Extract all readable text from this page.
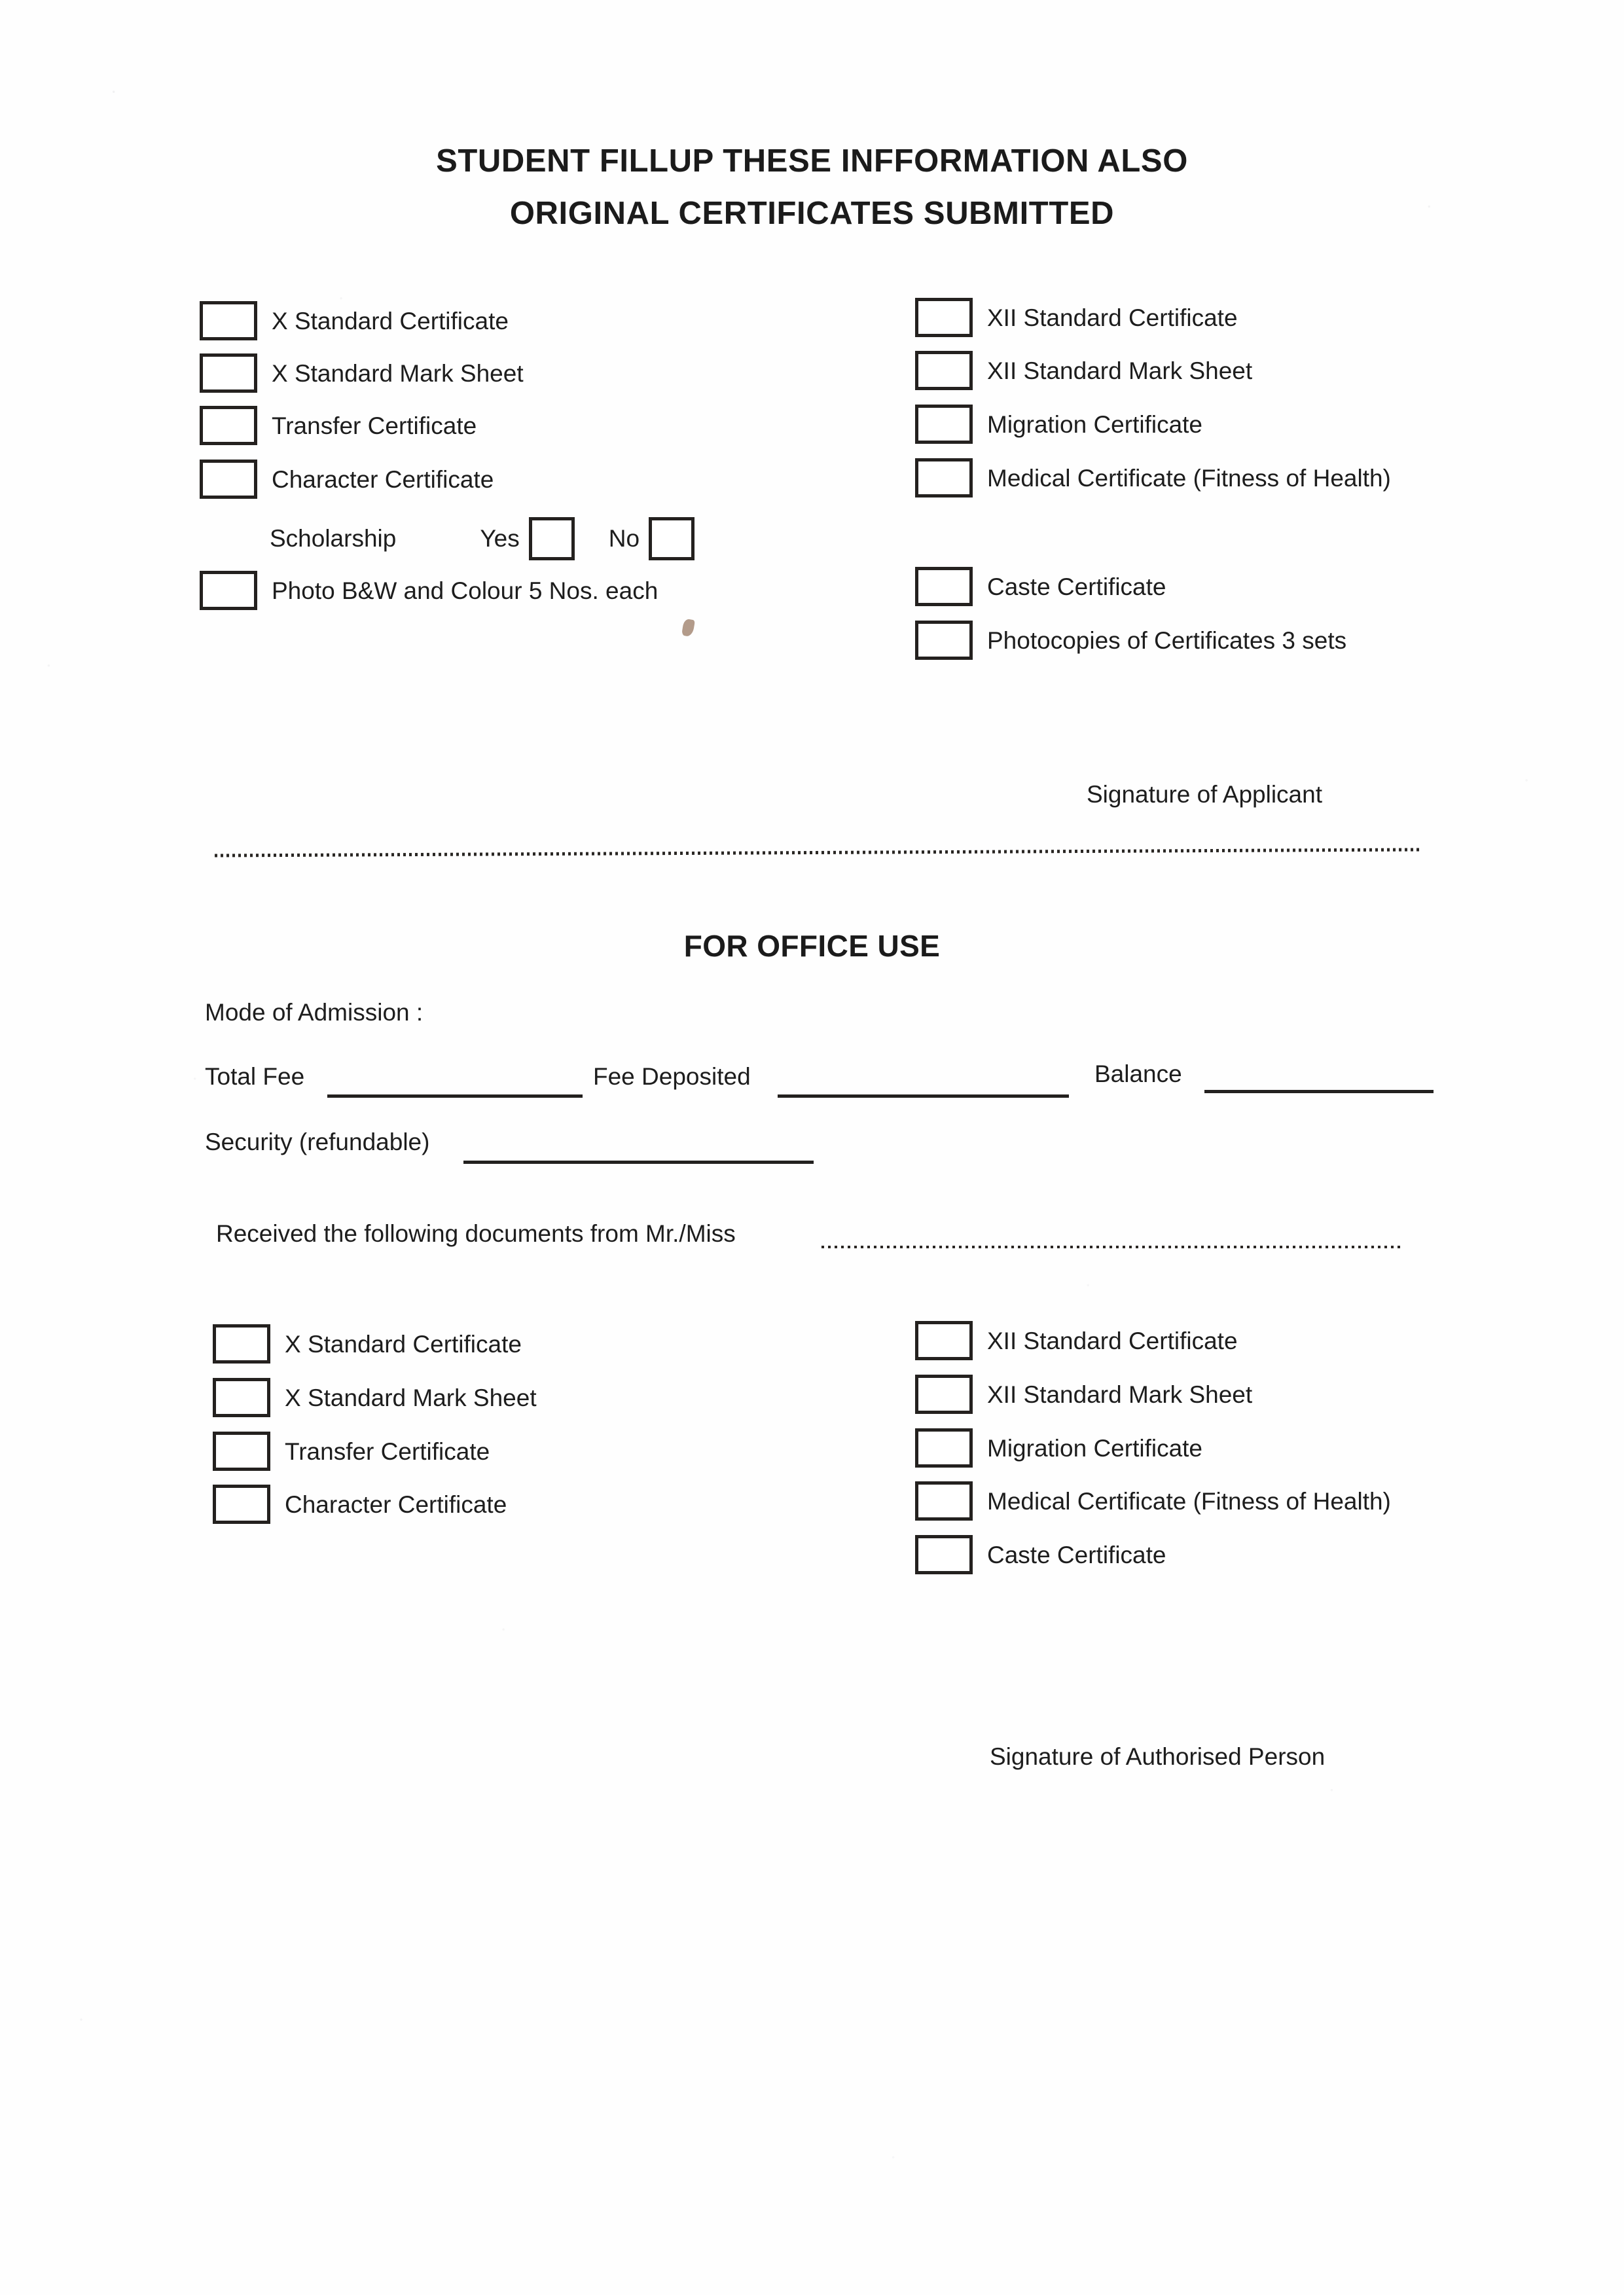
STUDENT FILLUP THESE INFFORMATION ALSO
ORIGINAL CERTIFICATES SUBMITTED
X Standard Certificate
X Standard Mark Sheet
Transfer Certificate
Character Certificate
Scholarship	Yes	No
Photo B&W and Colour 5 Nos. each
XII Standard Certificate
XII Standard Mark Sheet
Migration Certificate
Medical Certificate (Fitness of Health)
Caste Certificate
Photocopies of Certificates 3 sets
Signature of Applicant
FOR OFFICE USE
Mode of Admission :
Total Fee	Fee Deposited	Balance
Security (refundable)
Received the following documents from Mr./Miss
X Standard Certificate
X Standard Mark Sheet
Transfer Certificate
Character Certificate
XII Standard Certificate
XII Standard Mark Sheet
Migration Certificate
Medical Certificate (Fitness of Health)
Caste Certificate
Signature of Authorised Person
